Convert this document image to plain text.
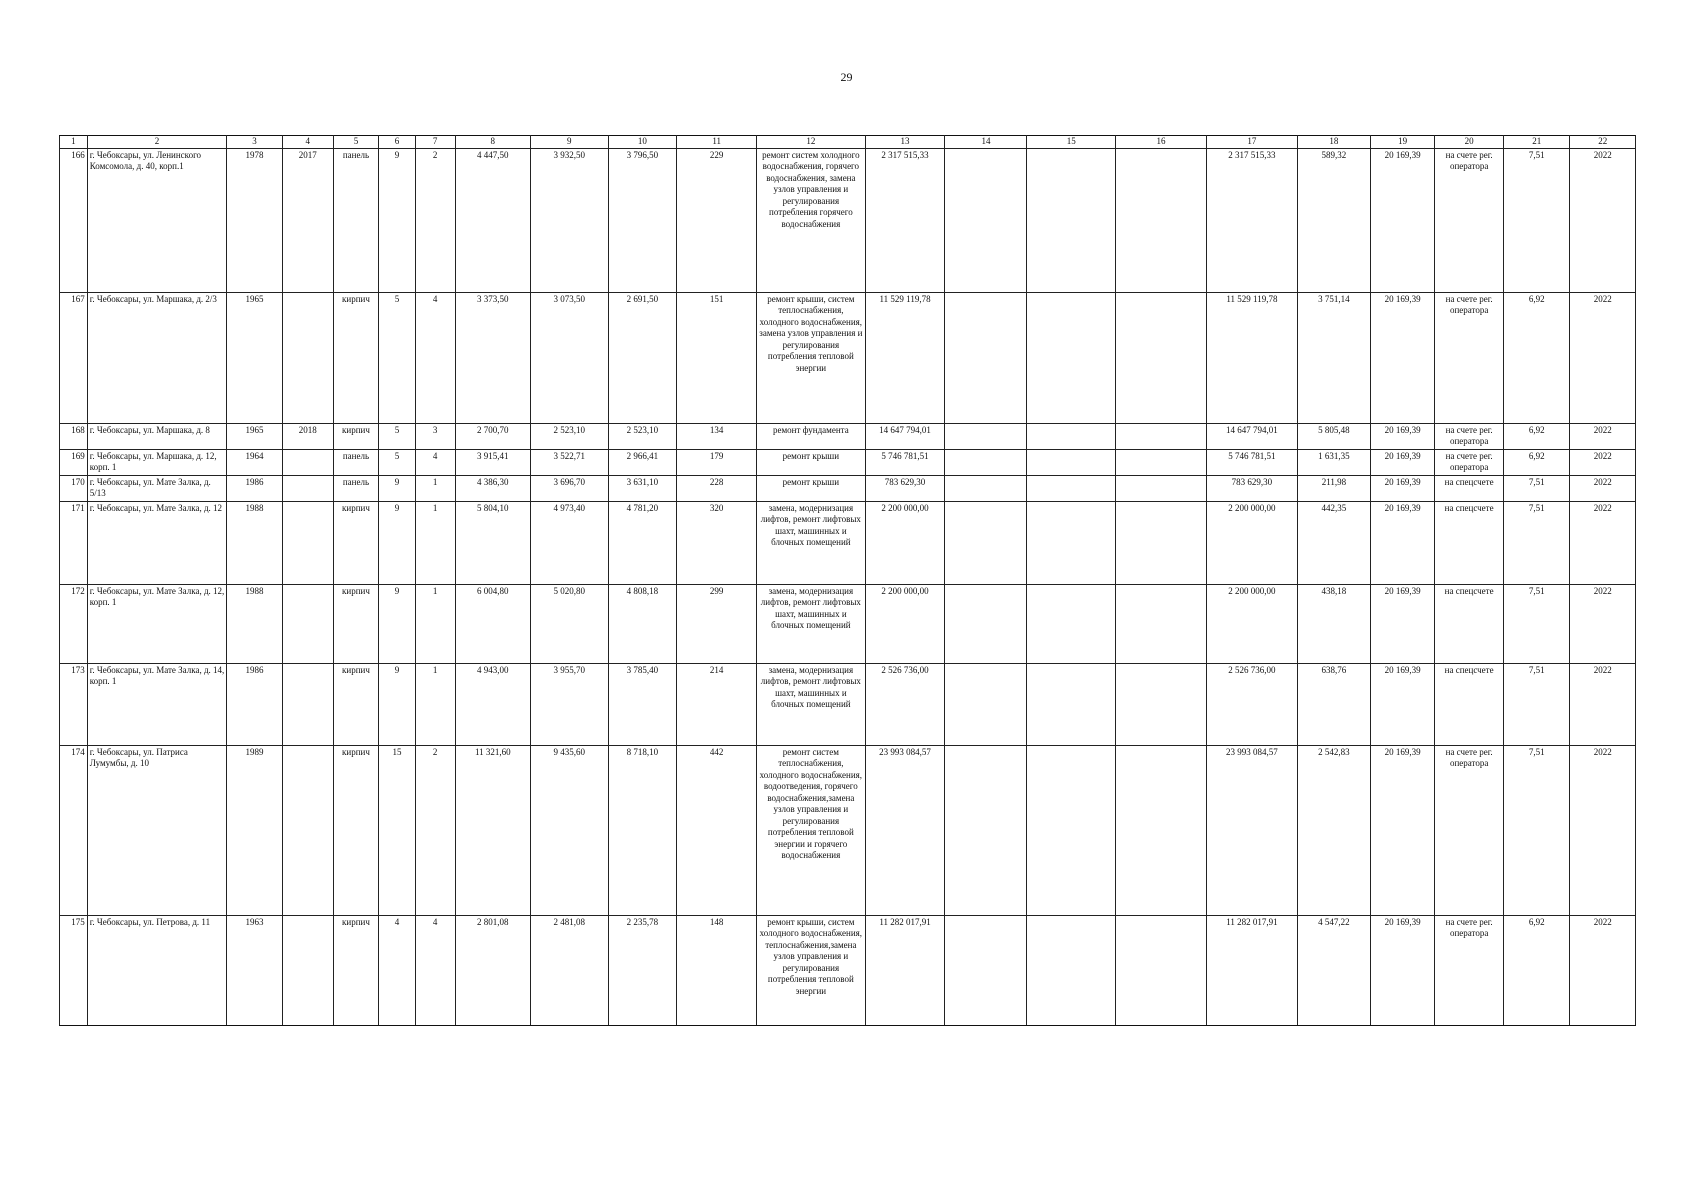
29
1	2	3	4	5	6	7	8	9	10	11	12	13	14	15	16	17	18	19	20	21	22
166	г. Чебоксары, ул. Ленинского Комсомола, д. 40, корп.1	1978	2017	панель	9	2	4 447,50	3 932,50	3 796,50	229	ремонт систем холодного водоснабжения, горячего водоснабжения, замена узлов управления и регулирования потребления горячего водоснабжения	2 317 515,33				2 317 515,33	589,32	20 169,39	на счете рег. оператора	7,51	2022
167	г. Чебоксары, ул. Маршака, д. 2/3	1965		кирпич	5	4	3 373,50	3 073,50	2 691,50	151	ремонт крыши, систем теплоснабжения, холодного водоснабжения, замена узлов управления и регулирования потребления тепловой энергии	11 529 119,78				11 529 119,78	3 751,14	20 169,39	на счете рег. оператора	6,92	2022
168	г. Чебоксары, ул. Маршака, д. 8	1965	2018	кирпич	5	3	2 700,70	2 523,10	2 523,10	134	ремонт фундамента	14 647 794,01				14 647 794,01	5 805,48	20 169,39	на счете рег. оператора	6,92	2022
169	г. Чебоксары, ул. Маршака, д. 12, корп. 1	1964		панель	5	4	3 915,41	3 522,71	2 966,41	179	ремонт крыши	5 746 781,51				5 746 781,51	1 631,35	20 169,39	на счете рег. оператора	6,92	2022
170	г. Чебоксары, ул. Мате Залка, д. 5/13	1986		панель	9	1	4 386,30	3 696,70	3 631,10	228	ремонт крыши	783 629,30				783 629,30	211,98	20 169,39	на спецсчете	7,51	2022
171	г. Чебоксары, ул. Мате Залка, д. 12	1988		кирпич	9	1	5 804,10	4 973,40	4 781,20	320	замена, модернизация лифтов, ремонт лифтовых шахт, машинных и блочных помещений	2 200 000,00				2 200 000,00	442,35	20 169,39	на спецсчете	7,51	2022
172	г. Чебоксары, ул. Мате Залка, д. 12, корп. 1	1988		кирпич	9	1	6 004,80	5 020,80	4 808,18	299	замена, модернизация лифтов, ремонт лифтовых шахт, машинных и блочных помещений	2 200 000,00				2 200 000,00	438,18	20 169,39	на спецсчете	7,51	2022
173	г. Чебоксары, ул. Мате Залка, д. 14, корп. 1	1986		кирпич	9	1	4 943,00	3 955,70	3 785,40	214	замена, модернизация лифтов, ремонт лифтовых шахт, машинных и блочных помещений	2 526 736,00				2 526 736,00	638,76	20 169,39	на спецсчете	7,51	2022
174	г. Чебоксары, ул. Патриса Лумумбы, д. 10	1989		кирпич	15	2	11 321,60	9 435,60	8 718,10	442	ремонт систем теплоснабжения, холодного водоснабжения, водоотведения, горячего водоснабжения,замена узлов управления и регулирования потребления тепловой энергии и горячего водоснабжения	23 993 084,57				23 993 084,57	2 542,83	20 169,39	на счете рег. оператора	7,51	2022
175	г. Чебоксары, ул. Петрова, д. 11	1963		кирпич	4	4	2 801,08	2 481,08	2 235,78	148	ремонт крыши, систем холодного водоснабжения, теплоснабжения,замена узлов управления и регулирования потребления тепловой энергии	11 282 017,91				11 282 017,91	4 547,22	20 169,39	на счете рег. оператора	6,92	2022
